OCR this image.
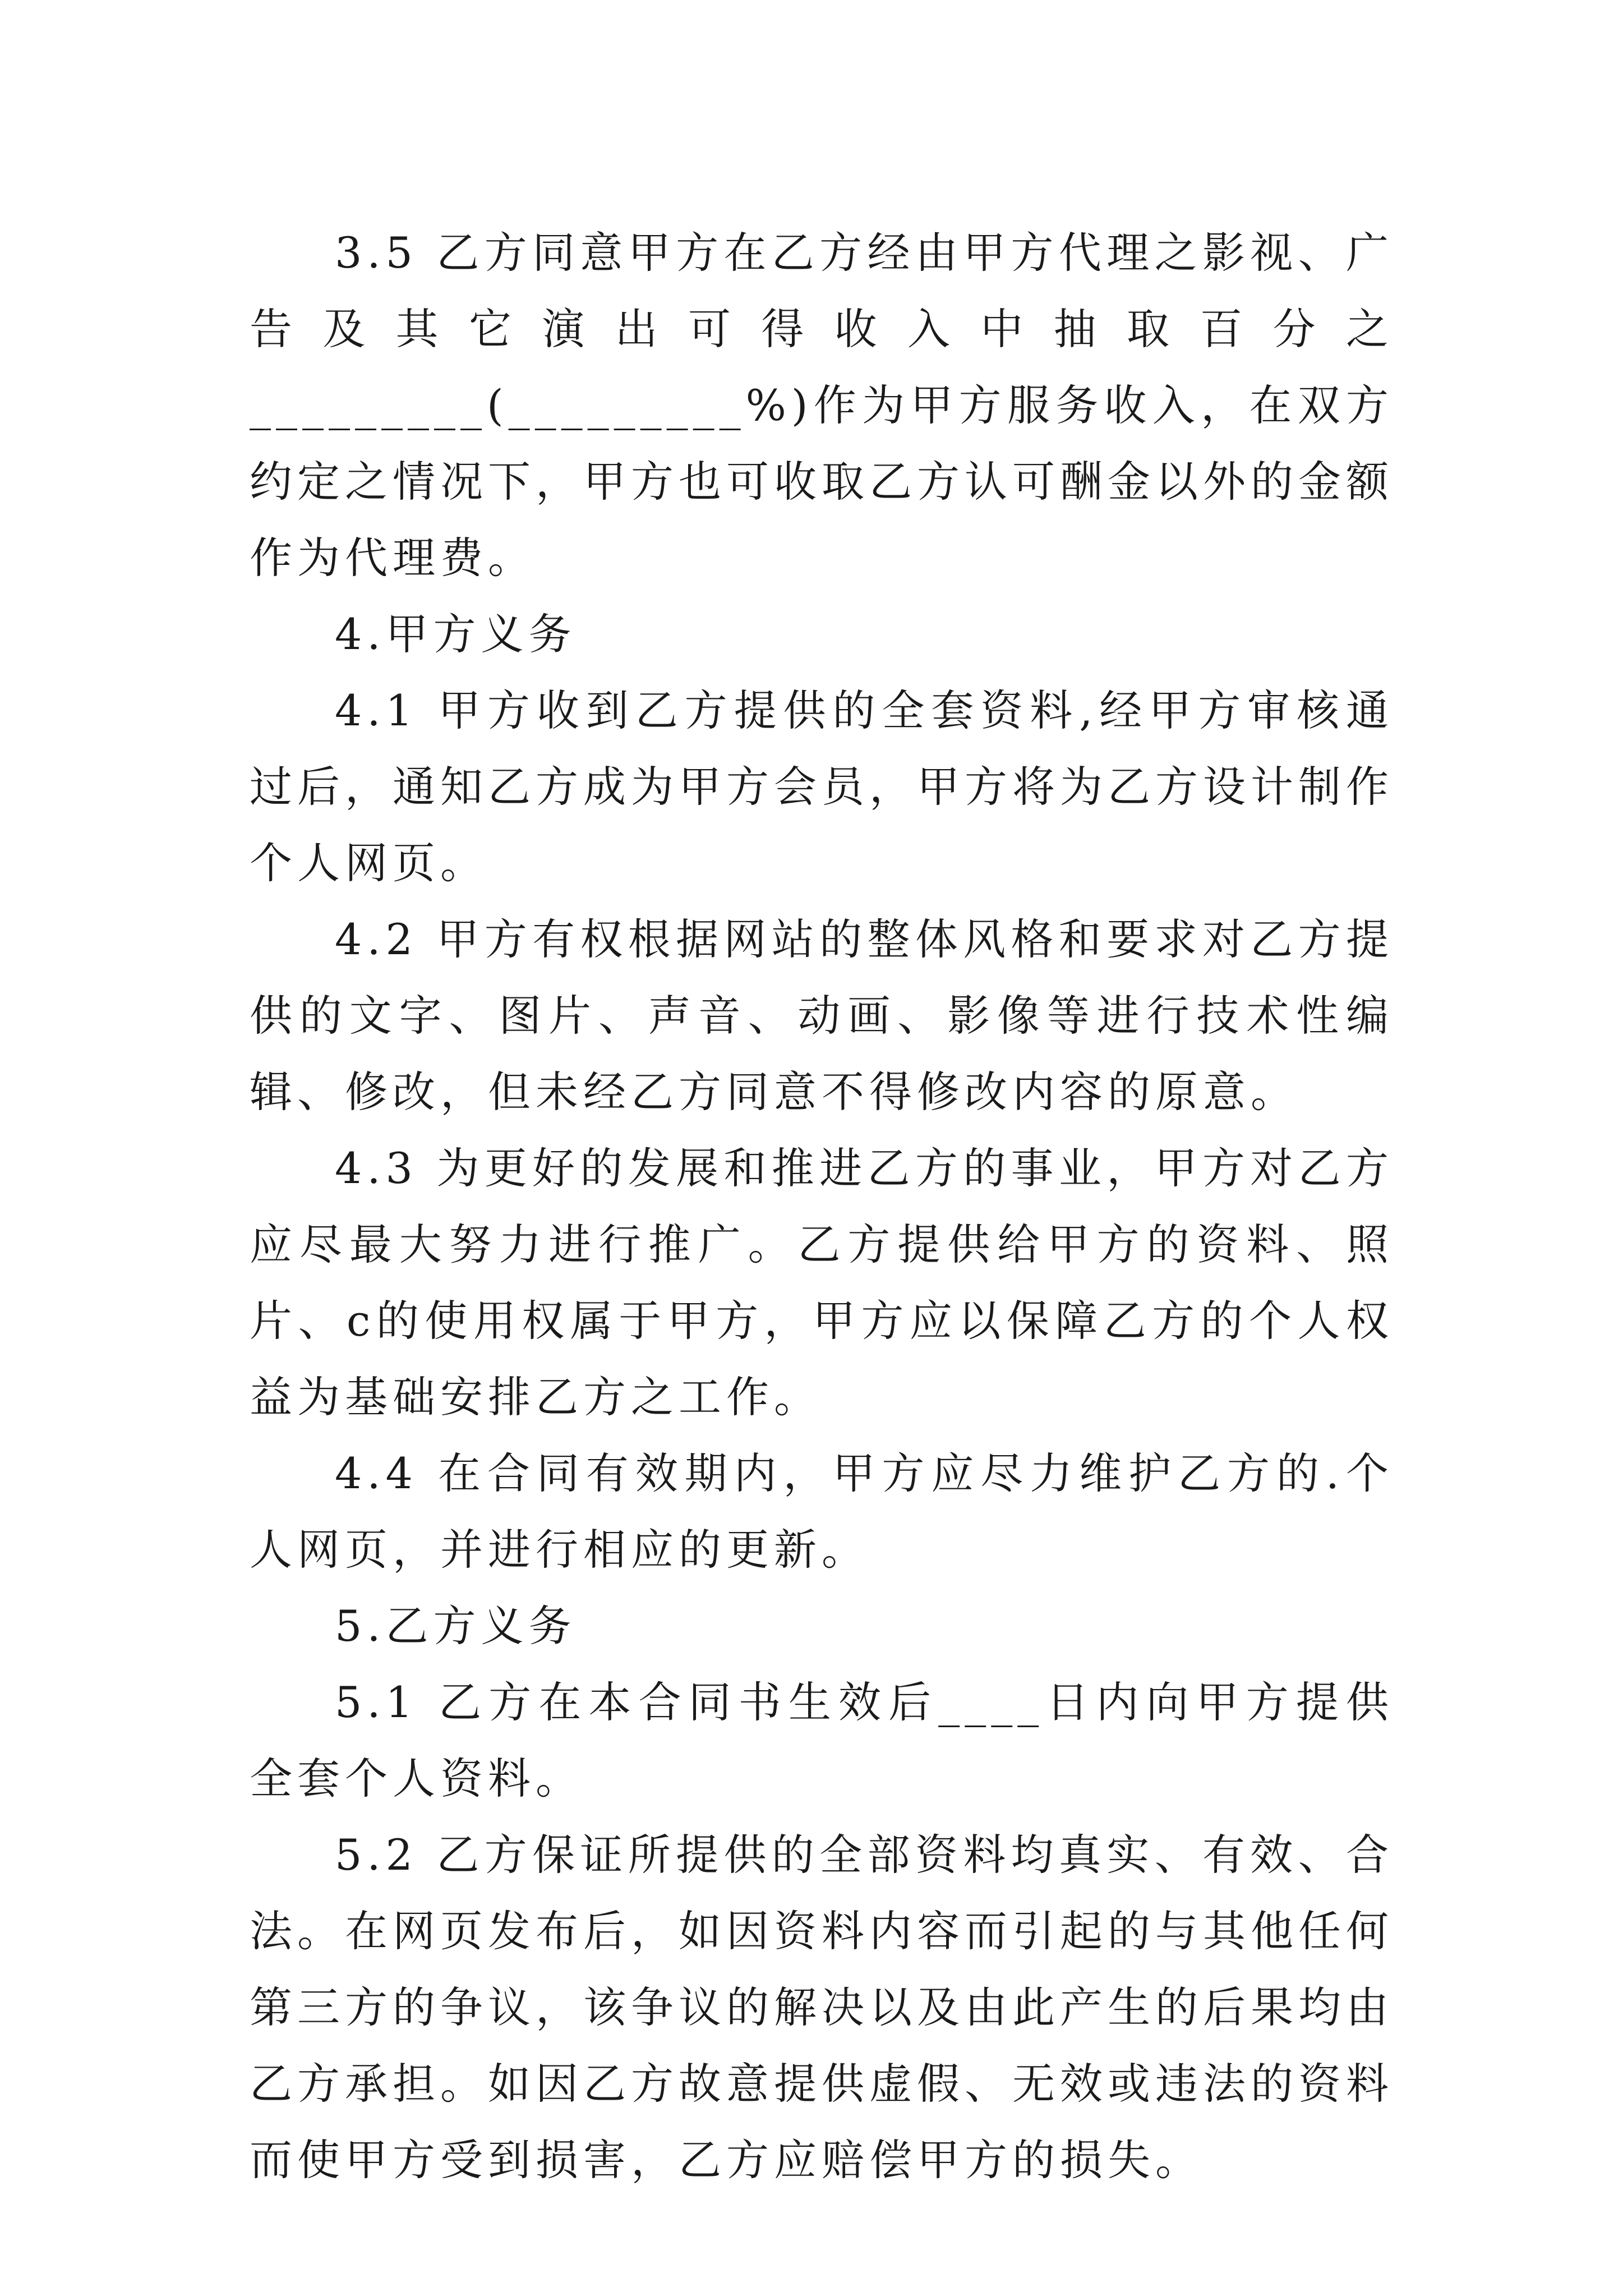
3.5 乙方同意甲方在乙方经由甲方代理之影视、广告及其它演出可得收入中抽取百分之_________(_________%)作为甲方服务收入，在双方约定之情况下，甲方也可收取乙方认可酬金以外的金额作为代理费。

4.甲方义务

4.1 甲方收到乙方提供的全套资料,经甲方审核通过后，通知乙方成为甲方会员，甲方将为乙方设计制作个人网页。

4.2 甲方有权根据网站的整体风格和要求对乙方提供的文字、图片、声音、动画、影像等进行技术性编辑、修改，但未经乙方同意不得修改内容的原意。

4.3 为更好的发展和推进乙方的事业，甲方对乙方应尽最大努力进行推广。乙方提供给甲方的资料、照片、c的使用权属于甲方，甲方应以保障乙方的个人权益为基础安排乙方之工作。

4.4 在合同有效期内，甲方应尽力维护乙方的.个人网页，并进行相应的更新。

5.乙方义务

5.1 乙方在本合同书生效后____日内向甲方提供全套个人资料。

5.2 乙方保证所提供的全部资料均真实、有效、合法。在网页发布后，如因资料内容而引起的与其他任何第三方的争议，该争议的解决以及由此产生的后果均由乙方承担。如因乙方故意提供虚假、无效或违法的资料而使甲方受到损害，乙方应赔偿甲方的损失。
